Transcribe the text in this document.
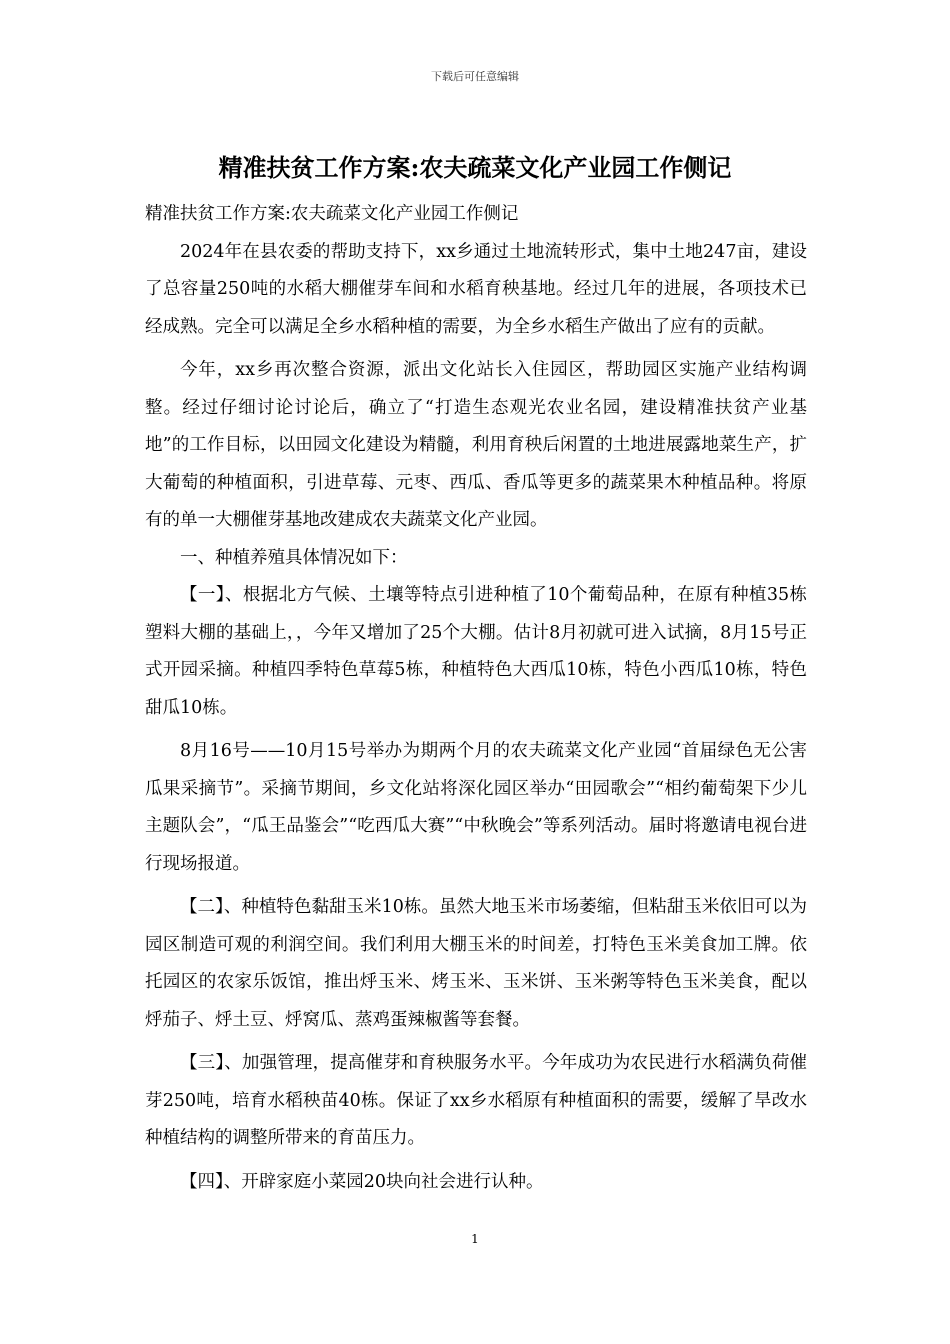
下载后可任意编辑
精准扶贫工作方案:农夫疏菜文化产业园工作侧记

精准扶贫工作方案:农夫疏菜文化产业园工作侧记

2024年在县农委的帮助支持下，xx乡通过土地流转形式，集中土地247亩，建设了总容量250吨的水稻大棚催芽车间和水稻育秧基地。经过几年的进展，各项技术已经成熟。完全可以满足全乡水稻种植的需要，为全乡水稻生产做出了应有的贡献。

今年，xx乡再次整合资源，派出文化站长入住园区，帮助园区实施产业结构调整。经过仔细讨论讨论后，确立了“打造生态观光农业名园，建设精准扶贫产业基地”的工作目标，以田园文化建设为精髓，利用育秧后闲置的土地进展露地菜生产，扩大葡萄的种植面积，引进草莓、元枣、西瓜、香瓜等更多的蔬菜果木种植品种。将原有的单一大棚催芽基地改建成农夫蔬菜文化产业园。

一、种植养殖具体情况如下：

【一】、根据北方气候、土壤等特点引进种植了10个葡萄品种，在原有种植35栋塑料大棚的基础上，，今年又增加了25个大棚。估计8月初就可进入试摘，8月15号正式开园采摘。种植四季特色草莓5栋，种植特色大西瓜10栋，特色小西瓜10栋，特色甜瓜10栋。

8月16号——10月15号举办为期两个月的农夫疏菜文化产业园“首届绿色无公害瓜果采摘节”。采摘节期间，乡文化站将深化园区举办“田园歌会”“相约葡萄架下少儿主题队会”，“瓜王品鉴会”“吃西瓜大赛”“中秋晚会”等系列活动。届时将邀请电视台进行现场报道。

【二】、种植特色黏甜玉米10栋。虽然大地玉米市场萎缩，但粘甜玉米依旧可以为园区制造可观的利润空间。我们利用大棚玉米的时间差，打特色玉米美食加工牌。依托园区的农家乐饭馆，推出烀玉米、烤玉米、玉米饼、玉米粥等特色玉米美食，配以烀茄子、烀土豆、烀窝瓜、蒸鸡蛋辣椒酱等套餐。

【三】、加强管理，提高催芽和育秧服务水平。今年成功为农民进行水稻满负荷催芽250吨，培育水稻秧苗40栋。保证了xx乡水稻原有种植面积的需要，缓解了旱改水种植结构的调整所带来的育苗压力。

【四】、开辟家庭小菜园20块向社会进行认种。

1
